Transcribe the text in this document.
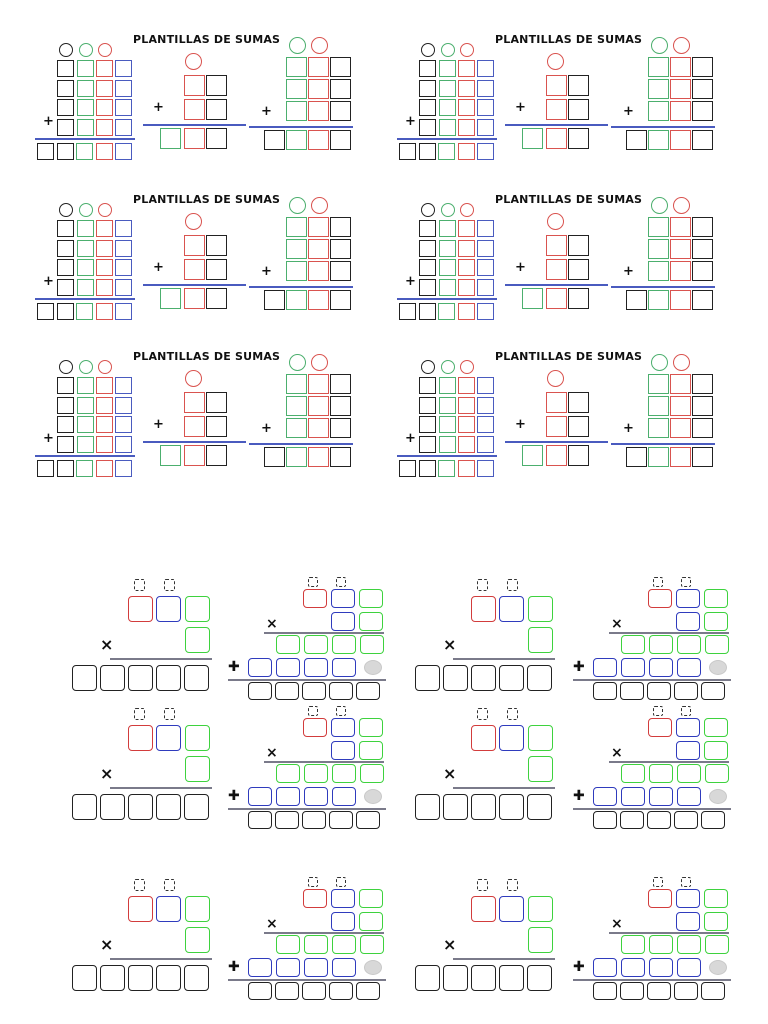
PLANTILLAS DE SUMAS
+
+	+
PLANTILLAS DE SUMAS
+
+	+
PLANTILLAS DE SUMAS
+
+	+
PLANTILLAS DE SUMAS
+
+	+
PLANTILLAS DE SUMAS
+
+	+
PLANTILLAS DE SUMAS
+
+	+
×
×
✚
×
×
✚
×
×
✚
×
×
✚
×
×
✚
×
×
✚
